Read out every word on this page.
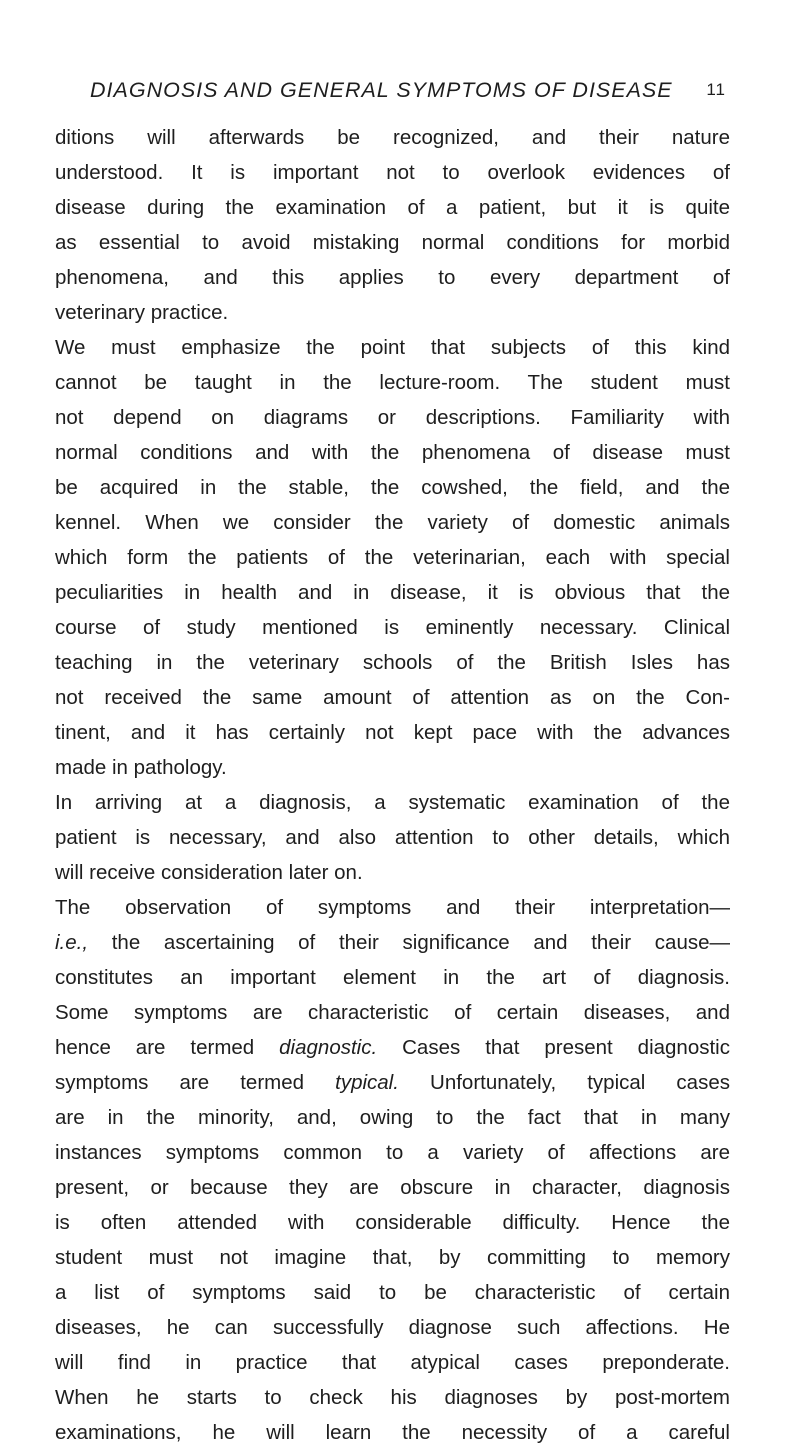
DIAGNOSIS AND GENERAL SYMPTOMS OF DISEASE 11
ditions will afterwards be recognized, and their nature
understood. It is important not to overlook evidences of
disease during the examination of a patient, but it is quite
as essential to avoid mistaking normal conditions for morbid
phenomena, and this applies to every department of
veterinary practice.
We must emphasize the point that subjects of this kind
cannot be taught in the lecture-room. The student must
not depend on diagrams or descriptions. Familiarity with
normal conditions and with the phenomena of disease must
be acquired in the stable, the cowshed, the field, and the
kennel. When we consider the variety of domestic animals
which form the patients of the veterinarian, each with special
peculiarities in health and in disease, it is obvious that the
course of study mentioned is eminently necessary. Clinical
teaching in the veterinary schools of the British Isles has
not received the same amount of attention as on the Con-
tinent, and it has certainly not kept pace with the advances
made in pathology.
In arriving at a diagnosis, a systematic examination of the
patient is necessary, and also attention to other details, which
will receive consideration later on.
The observation of symptoms and their interpretation—
i.e., the ascertaining of their significance and their cause—
constitutes an important element in the art of diagnosis.
Some symptoms are characteristic of certain diseases, and
hence are termed diagnostic. Cases that present diagnostic
symptoms are termed typical. Unfortunately, typical cases
are in the minority, and, owing to the fact that in many
instances symptoms common to a variety of affections are
present, or because they are obscure in character, diagnosis
is often attended with considerable difficulty. Hence the
student must not imagine that, by committing to memory
a list of symptoms said to be characteristic of certain
diseases, he can successfully diagnose such affections. He
will find in practice that atypical cases preponderate.
When he starts to check his diagnoses by post-mortem
examinations, he will learn the necessity of a careful
